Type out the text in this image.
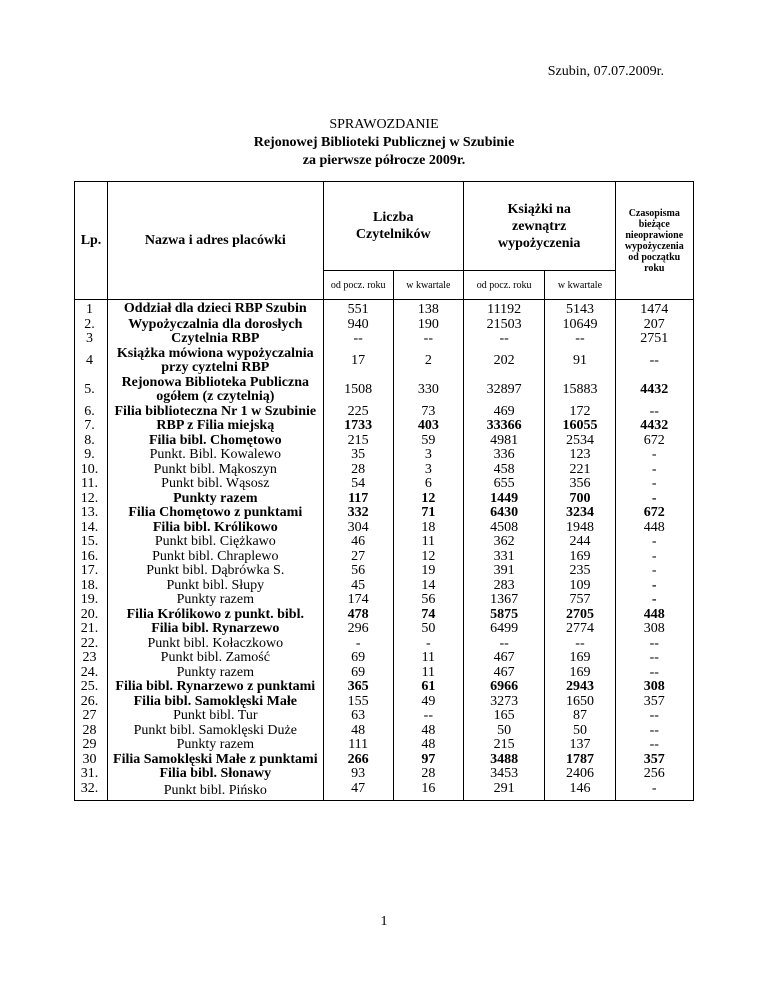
Szubin, 07.07.2009r.
SPRAWOZDANIE
Rejonowej Biblioteki Publicznej w Szubinie
za pierwsze półrocze 2009r.
Lp.	Nazwa i adres placówki	Liczba Czytelników		Książki na zewnątrz wypożyczenia		Czasopisma bieżące nieoprawione wypożyczenia od początku roku

		od pocz. roku	w kwartale	od pocz. roku	w kwartale	
1	Oddział dla dzieci RBP Szubin	551	138	11192	5143	1474
2.	Wypożyczalnia dla dorosłych	940	190	21503	10649	207
3	Czytelnia RBP	--	--	--	--	2751
4	Książka mówiona wypożyczalnia przy cyztelni RBP	17	2	202	91	--
5.	Rejonowa Biblioteka Publiczna ogółem (z czytelnią)	1508	330	32897	15883	4432
6.	Filia biblioteczna Nr 1 w Szubinie	225	73	469	172	--
7.	RBP z Filia miejską	1733	403	33366	16055	4432
8.	Filia bibl. Chomętowo	215	59	4981	2534	672
9.	Punkt. Bibl. Kowalewo	35	3	336	123	-
10.	Punkt bibl. Mąkoszyn	28	3	458	221	-
11.	Punkt bibl. Wąsosz	54	6	655	356	-
12.	Punkty razem	117	12	1449	700	-
13.	Filia Chomętowo z punktami	332	71	6430	3234	672
14.	Filia bibl. Królikowo	304	18	4508	1948	448
15.	Punkt bibl. Ciężkawo	46	11	362	244	-
16.	Punkt bibl. Chraplewo	27	12	331	169	-
17.	Punkt bibl. Dąbrówka S.	56	19	391	235	-
18.	Punkt bibl. Słupy	45	14	283	109	-
19.	Punkty razem	174	56	1367	757	-
20.	Filia Królikowo z punkt. bibl.	478	74	5875	2705	448
21.	Filia bibl. Rynarzewo	296	50	6499	2774	308
22.	Punkt bibl. Kołaczkowo	-	-	--	--	--
23	Punkt bibl. Zamość	69	11	467	169	--
24.	Punkty razem	69	11	467	169	--
25.	Filia bibl. Rynarzewo z punktami	365	61	6966	2943	308
26.	Filia bibl. Samoklęski Małe	155	49	3273	1650	357
27	Punkt bibl. Tur	63	--	165	87	--
28	Punkt bibl. Samoklęski Duże	48	48	50	50	--
29	Punkty razem	111	48	215	137	--
30	Filia Samoklęski Małe z punktami	266	97	3488	1787	357
31.	Filia bibl. Słonawy	93	28	3453	2406	256
32.	Punkt bibl. Pińsko	47	16	291	146	-
1
